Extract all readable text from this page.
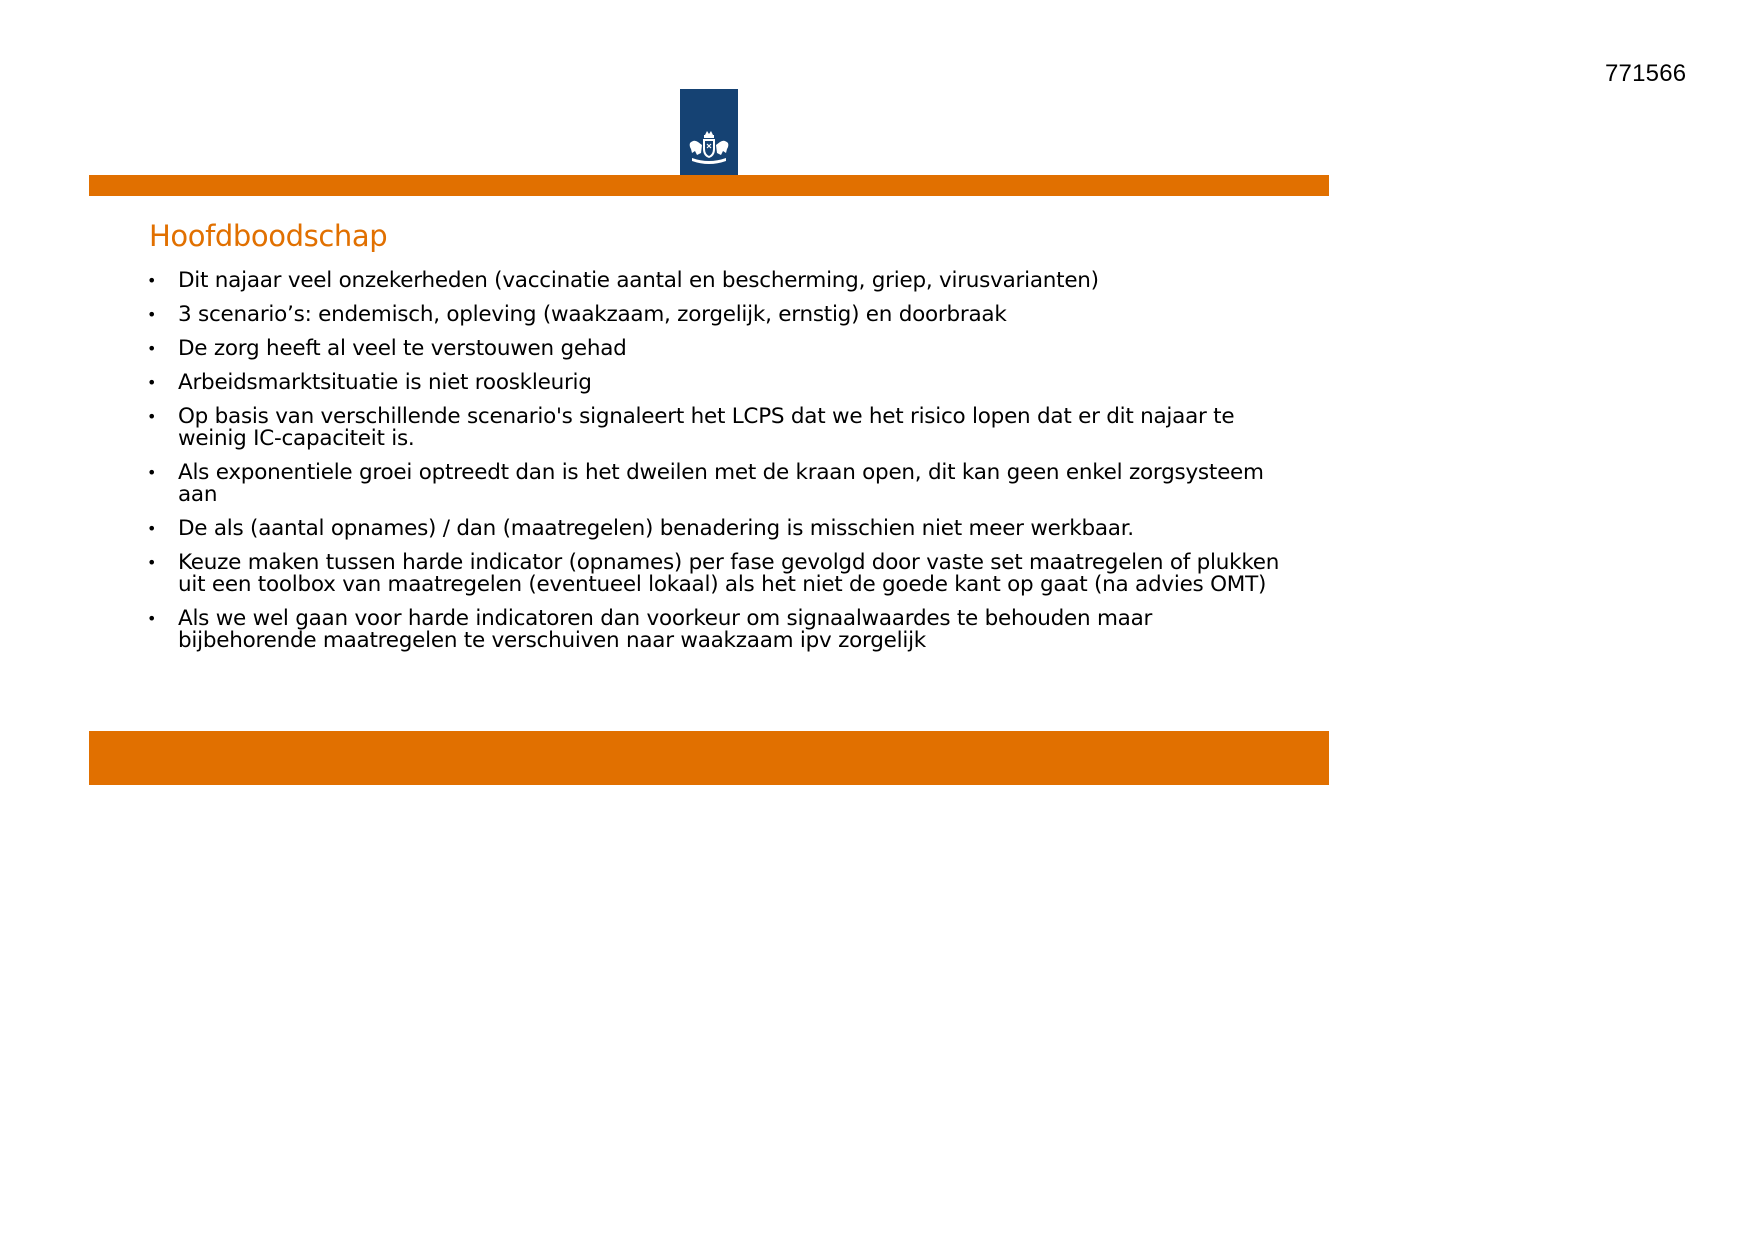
771566
Hoofdboodschap
• Dit najaar veel onzekerheden (vaccinatie aantal en bescherming, griep, virusvarianten)
• 3 scenario’s: endemisch, opleving (waakzaam, zorgelijk, ernstig) en doorbraak
• De zorg heeft al veel te verstouwen gehad
• Arbeidsmarktsituatie is niet rooskleurig
• Op basis van verschillende scenario's signaleert het LCPS dat we het risico lopen dat er dit najaar te weinig IC-capaciteit is.
• Als exponentiele groei optreedt dan is het dweilen met de kraan open, dit kan geen enkel zorgsysteem aan
• De als (aantal opnames) / dan (maatregelen) benadering is misschien niet meer werkbaar.
• Keuze maken tussen harde indicator (opnames) per fase gevolgd door vaste set maatregelen of plukken uit een toolbox van maatregelen (eventueel lokaal) als het niet de goede kant op gaat (na advies OMT)
• Als we wel gaan voor harde indicatoren dan voorkeur om signaalwaardes te behouden maar bijbehorende maatregelen te verschuiven naar waakzaam ipv zorgelijk
